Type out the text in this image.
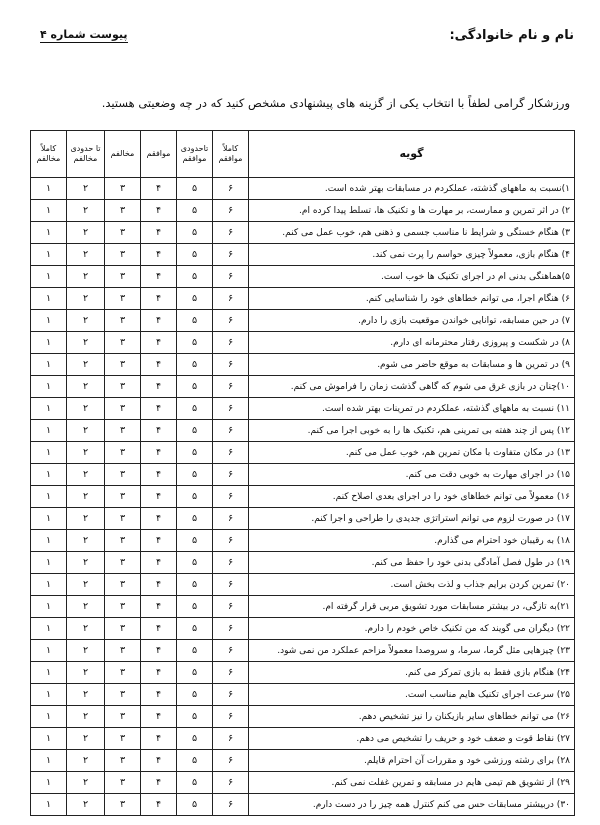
نام و نام خانوادگی:
پیوست شماره ۴
ورزشکار گرامی لطفاً با انتخاب یکی از گزینه های پیشنهادی مشخص کنید که در چه وضعیتی هستید.
گویه	کاملاً موافقم	تاحدودی موافقم	موافقم	مخالفم	تا حدودی مخالفم	کاملاً مخالفم
۱)نسبت به ماههای گذشته، عملکردم در مسابقات بهتر شده است.	۶	۵	۴	۳	۲	۱
۲) در اثر تمرین و ممارست، بر مهارت ها و تکنیک ها، تسلط پیدا کرده ام.	۶	۵	۴	۳	۲	۱
۳) هنگام خستگی و شرایط نا مناسب جسمی و ذهنی هم، خوب عمل می کنم.	۶	۵	۴	۳	۲	۱
۴) هنگام بازی، معمولاً چیزی حواسم را پرت نمی کند.	۶	۵	۴	۳	۲	۱
۵)هماهنگی بدنی ام در اجرای تکنیک ها خوب است.	۶	۵	۴	۳	۲	۱
۶) هنگام اجرا، می توانم خطاهای خود را شناسایی کنم.	۶	۵	۴	۳	۲	۱
۷) در حین مسابقه، توانایی خواندن موقعیت بازی را دارم.	۶	۵	۴	۳	۲	۱
۸) در شکست و پیروزی رفتار محترمانه ای دارم.	۶	۵	۴	۳	۲	۱
۹) در تمرین ها و مسابقات به موقع حاضر می شوم.	۶	۵	۴	۳	۲	۱
۱۰)چنان در بازی غرق می شوم که گاهی گذشت زمان را فراموش می کنم.	۶	۵	۴	۳	۲	۱
۱۱) نسبت به ماههای گذشته، عملکردم در تمرینات بهتر شده است.	۶	۵	۴	۳	۲	۱
۱۲) پس از چند هفته بی تمرینی هم، تکنیک ها را به خوبی اجرا می کنم.	۶	۵	۴	۳	۲	۱
۱۳) در مکان متفاوت با مکان تمرین هم، خوب عمل می کنم.	۶	۵	۴	۳	۲	۱
۱۵) در اجرای مهارت به خوبی دقت می کنم.	۶	۵	۴	۳	۲	۱
۱۶) معمولاً می توانم خطاهای خود را در اجرای بعدی اصلاح کنم.	۶	۵	۴	۳	۲	۱
۱۷) در صورت لزوم می توانم استراتژی جدیدی را طراحی و اجرا کنم.	۶	۵	۴	۳	۲	۱
۱۸) به رقیبان خود احترام می گذارم.	۶	۵	۴	۳	۲	۱
۱۹) در طول فصل آمادگی بدنی خود را حفظ می کنم.	۶	۵	۴	۳	۲	۱
۲۰) تمرین کردن برایم جذاب و لذت بخش است.	۶	۵	۴	۳	۲	۱
۲۱)به تازگی، در بیشتر مسابقات مورد تشویق مربی قرار گرفته ام.	۶	۵	۴	۳	۲	۱
۲۲) دیگران می گویند که من تکنیک خاص خودم را دارم.	۶	۵	۴	۳	۲	۱
۲۳) چیزهایی مثل گرما، سرما، و سروصدا معمولاً مزاحم عملکرد من نمی شود.	۶	۵	۴	۳	۲	۱
۲۴) هنگام بازی فقط به بازی تمرکز می کنم.	۶	۵	۴	۳	۲	۱
۲۵) سرعت اجرای تکنیک هایم مناسب است.	۶	۵	۴	۳	۲	۱
۲۶) می توانم خطاهای سایر بازیکنان را نیز تشخیص دهم.	۶	۵	۴	۳	۲	۱
۲۷) نقاط قوت و ضعف خود و حریف را تشخیص می دهم.	۶	۵	۴	۳	۲	۱
۲۸) برای رشته ورزشی خود و مقررات آن احترام قایلم.	۶	۵	۴	۳	۲	۱
۲۹) از تشویق هم تیمی هایم در مسابقه و تمرین غفلت نمی کنم.	۶	۵	۴	۳	۲	۱
۳۰) دربیشتر مسابقات حس می کنم کنترل همه چیز را در دست دارم.	۶	۵	۴	۳	۲	۱
